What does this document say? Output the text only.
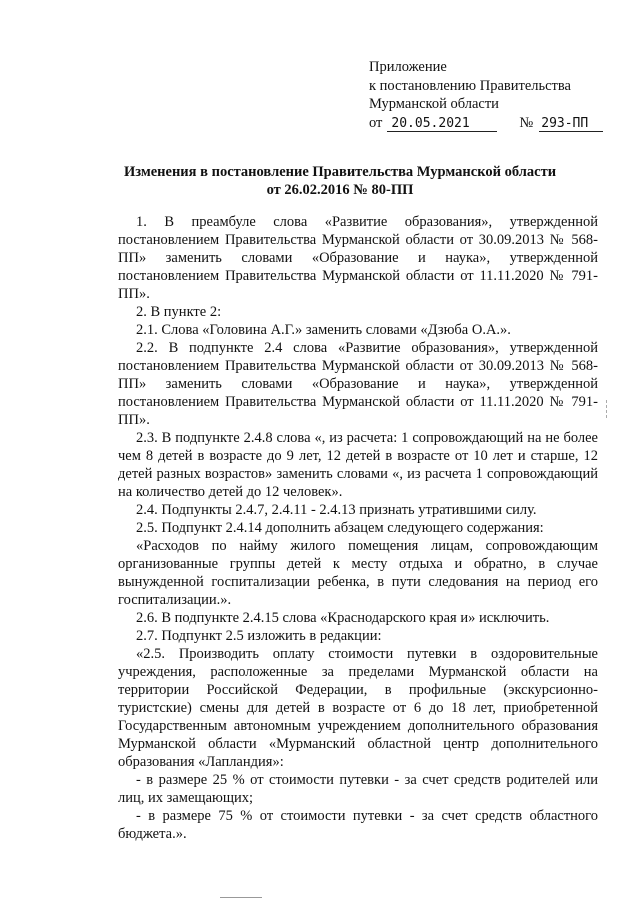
Приложение
к постановлению Правительства
Мурманской области
от 20.05.2021	№ 293-ПП
Изменения в постановление Правительства Мурманской области
от 26.02.2016 № 80-ПП

1. В преамбуле слова «Развитие образования», утвержденной постановлением Правительства Мурманской области от 30.09.2013 № 568-ПП» заменить словами «Образование и наука», утвержденной постановлением Правительства Мурманской области от 11.11.2020 № 791-ПП».

2. В пункте 2:

2.1. Слова «Головина А.Г.» заменить словами «Дзюба О.А.».

2.2. В подпункте 2.4 слова «Развитие образования», утвержденной постановлением Правительства Мурманской области от 30.09.2013 № 568-ПП» заменить словами «Образование и наука», утвержденной постановлением Правительства Мурманской области от 11.11.2020 № 791-ПП».

2.3. В подпункте 2.4.8 слова «, из расчета: 1 сопровождающий на не более чем 8 детей в возрасте до 9 лет, 12 детей в возрасте от 10 лет и старше, 12 детей разных возрастов» заменить словами «, из расчета 1 сопровождающий на количество детей до 12 человек».

2.4. Подпункты 2.4.7, 2.4.11 - 2.4.13 признать утратившими силу.

2.5. Подпункт 2.4.14 дополнить абзацем следующего содержания:

«Расходов по найму жилого помещения лицам, сопровождающим организованные группы детей к месту отдыха и обратно, в случае вынужденной госпитализации ребенка, в пути следования на период его госпитализации.».

2.6. В подпункте 2.4.15 слова «Краснодарского края и» исключить.

2.7. Подпункт 2.5 изложить в редакции:

«2.5. Производить оплату стоимости путевки в оздоровительные учреждения, расположенные за пределами Мурманской области на территории Российской Федерации, в профильные (экскурсионно-туристские) смены для детей в возрасте от 6 до 18 лет, приобретенной Государственным автономным учреждением дополнительного образования Мурманской области «Мурманский областной центр дополнительного образования «Лапландия»:

- в размере 25 % от стоимости путевки - за счет средств родителей или лиц, их замещающих;

- в размере 75 % от стоимости путевки - за счет средств областного бюджета.».
